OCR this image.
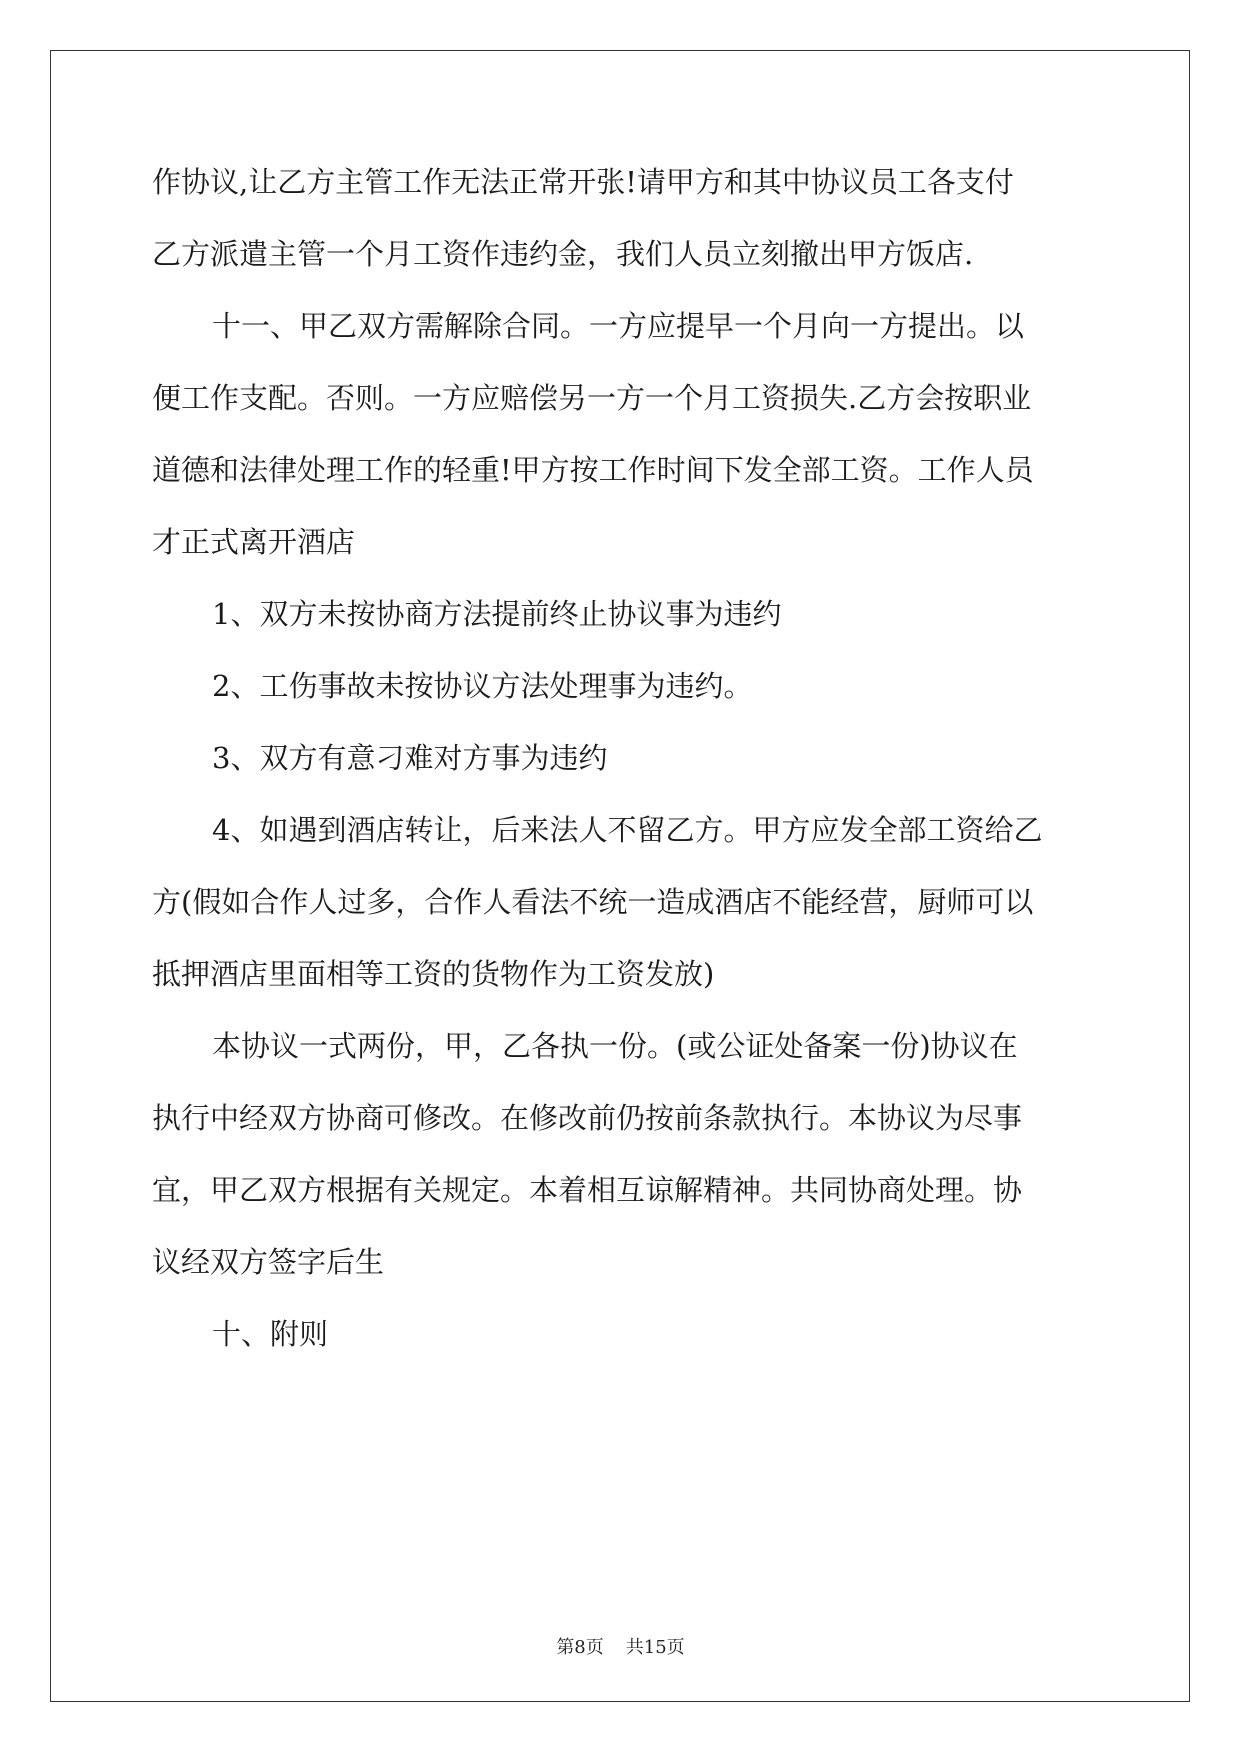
作协议,让乙方主管工作无法正常开张!请甲方和其中协议员工各支付
乙方派遣主管一个月工资作违约金，我们人员立刻撤出甲方饭店.
十一、甲乙双方需解除合同。一方应提早一个月向一方提出。以
便工作支配。否则。一方应赔偿另一方一个月工资损失.乙方会按职业
道德和法律处理工作的轻重!甲方按工作时间下发全部工资。工作人员
才正式离开酒店
1、双方未按协商方法提前终止协议事为违约
2、工伤事故未按协议方法处理事为违约。
3、双方有意刁难对方事为违约
4、如遇到酒店转让，后来法人不留乙方。甲方应发全部工资给乙
方(假如合作人过多，合作人看法不统一造成酒店不能经营，厨师可以
抵押酒店里面相等工资的货物作为工资发放)
本协议一式两份，甲，乙各执一份。(或公证处备案一份)协议在
执行中经双方协商可修改。在修改前仍按前条款执行。本协议为尽事
宜，甲乙双方根据有关规定。本着相互谅解精神。共同协商处理。协
议经双方签字后生
十、附则
第8页 共15页
